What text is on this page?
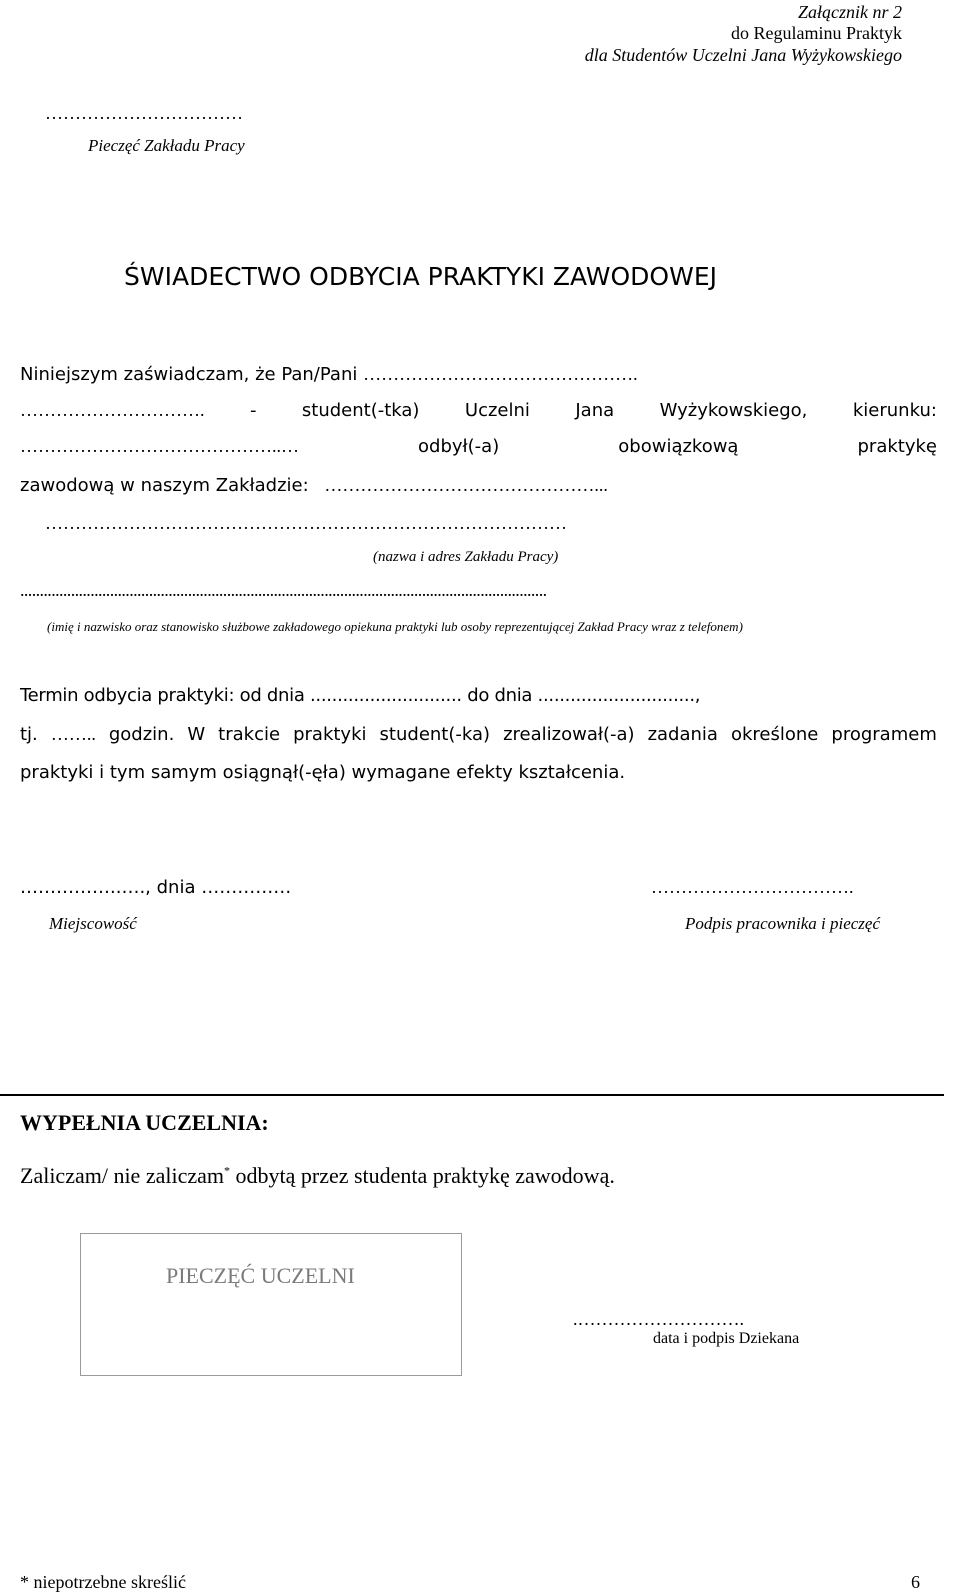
Załącznik nr 2
do Regulaminu Praktyk
dla Studentów Uczelni Jana Wyżykowskiego
……………………………
Pieczęć Zakładu Pracy
ŚWIADECTWO ODBYCIA PRAKTYKI ZAWODOWEJ
Niniejszym zaświadczam, że Pan/Pani ……………………………………….
………………………….	-	student(-tka)	Uczelni	Jana	Wyżykowskiego,	kierunku:
……………………………………..…	odbył(-a)	obowiązkową	praktykę
zawodową w naszym Zakładzie: ………………………………………...
……………………………………………………………………………
(nazwa i adres Zakładu Pracy)
.......................................................................................................................................
(imię i nazwisko oraz stanowisko służbowe zakładowego opiekuna praktyki lub osoby reprezentującej Zakład Pracy wraz z telefonem)
Termin odbycia praktyki: od dnia ............................ do dnia .............................,
tj. …….. godzin. W trakcie praktyki student(-ka) zrealizował(-a) zadania określone programem
praktyki i tym samym osiągnął(-ęła) wymagane efekty kształcenia.
……………..…., dnia ……………
Miejscowość
…………………………….
Podpis pracownika i pieczęć
WYPEŁNIA UCZELNIA:
Zaliczam/ nie zaliczam* odbytą przez studenta praktykę zawodową.
PIECZĘĆ UCZELNI
.……………………….
data i podpis Dziekana
* niepotrzebne skreślić	6
